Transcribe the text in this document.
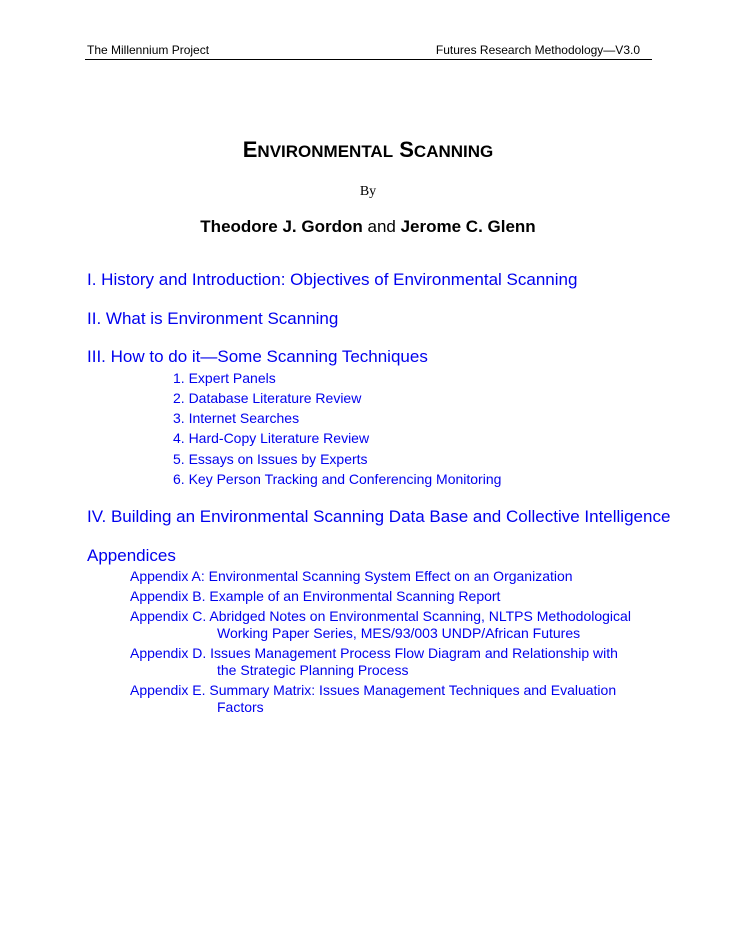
The Millennium Project	Futures Research Methodology—V3.0
ENVIRONMENTAL SCANNING
By
Theodore J. Gordon and Jerome C. Glenn
I. History and Introduction: Objectives of Environmental Scanning
II. What is Environment Scanning
III. How to do it—Some Scanning Techniques
1. Expert Panels
2. Database Literature Review
3. Internet Searches
4. Hard-Copy Literature Review
5. Essays on Issues by Experts
6. Key Person Tracking and Conferencing Monitoring
IV. Building an Environmental Scanning Data Base and Collective Intelligence
Appendices
Appendix A: Environmental Scanning System Effect on an Organization
Appendix B. Example of an Environmental Scanning Report
Appendix C. Abridged Notes on Environmental Scanning, NLTPS Methodological
Working Paper Series, MES/93/003 UNDP/African Futures
Appendix D. Issues Management Process Flow Diagram and Relationship with
the Strategic Planning Process
Appendix E. Summary Matrix: Issues Management Techniques and Evaluation
Factors
